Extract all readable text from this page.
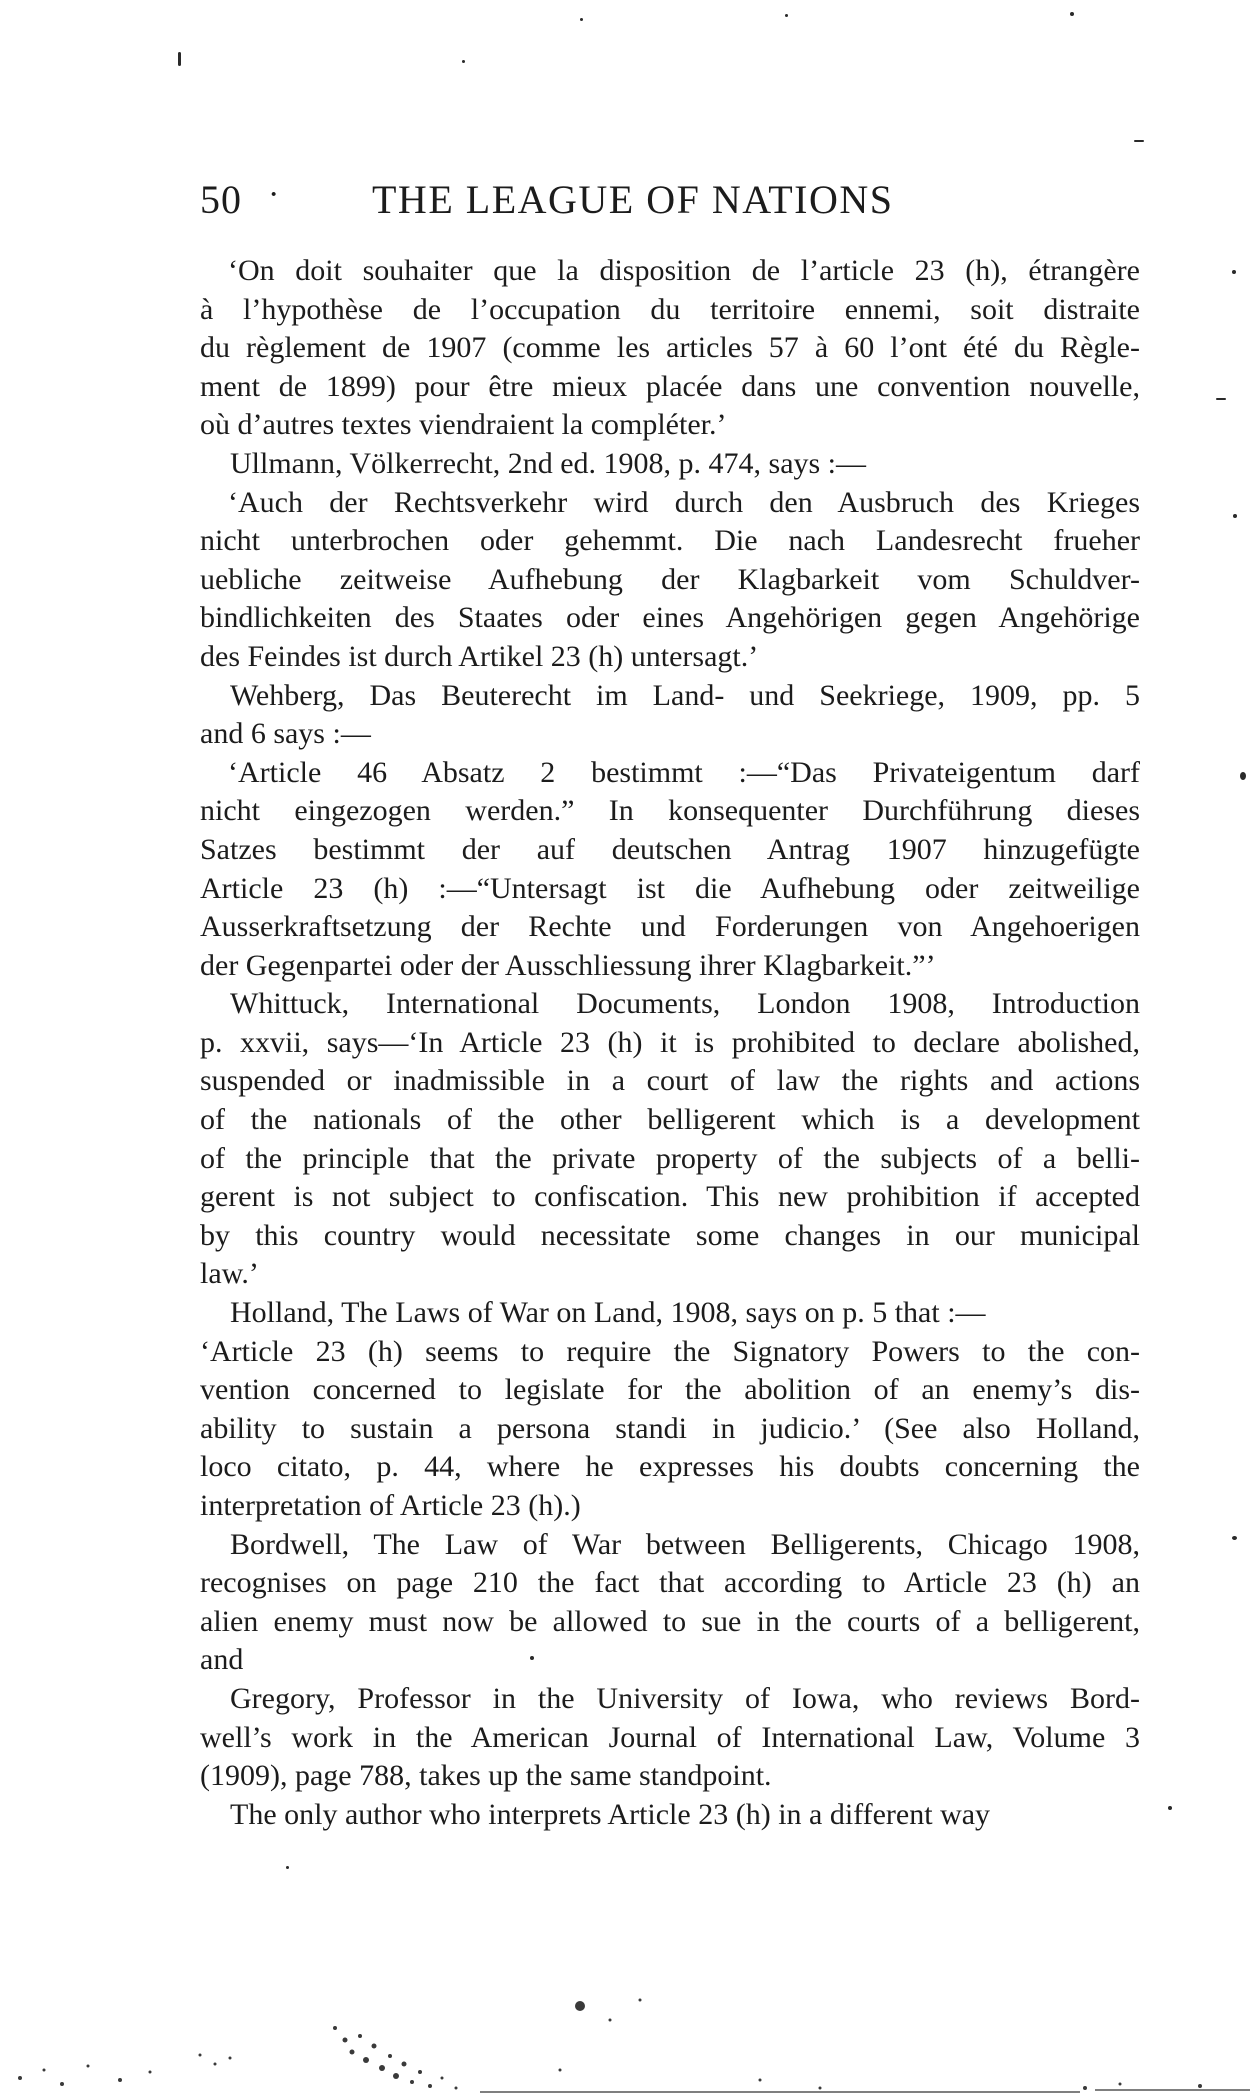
50 · THE LEAGUE OF NATIONS
‘On doit souhaiter que la disposition de l’article 23 (h), étrangère
à l’hypothèse de l’occupation du territoire ennemi, soit distraite
du règlement de 1907 (comme les articles 57 à 60 l’ont été du Règle-
ment de 1899) pour être mieux placée dans une convention nouvelle,
où d’autres textes viendraient la compléter.’
Ullmann, Völkerrecht, 2nd ed. 1908, p. 474, says :—
‘Auch der Rechtsverkehr wird durch den Ausbruch des Krieges
nicht unterbrochen oder gehemmt. Die nach Landesrecht frueher
uebliche zeitweise Aufhebung der Klagbarkeit vom Schuldver-
bindlichkeiten des Staates oder eines Angehörigen gegen Angehörige
des Feindes ist durch Artikel 23 (h) untersagt.’
Wehberg, Das Beuterecht im Land- und Seekriege, 1909, pp. 5
and 6 says :—
‘Article 46 Absatz 2 bestimmt :—“Das Privateigentum darf
nicht eingezogen werden.” In konsequenter Durchführung dieses
Satzes bestimmt der auf deutschen Antrag 1907 hinzugefügte
Article 23 (h) :—“Untersagt ist die Aufhebung oder zeitweilige
Ausserkraftsetzung der Rechte und Forderungen von Angehoerigen
der Gegenpartei oder der Ausschliessung ihrer Klagbarkeit.”’
Whittuck, International Documents, London 1908, Introduction
p. xxvii, says—‘In Article 23 (h) it is prohibited to declare abolished,
suspended or inadmissible in a court of law the rights and actions
of the nationals of the other belligerent which is a development
of the principle that the private property of the subjects of a belli-
gerent is not subject to confiscation. This new prohibition if accepted
by this country would necessitate some changes in our municipal
law.’
Holland, The Laws of War on Land, 1908, says on p. 5 that :—
‘Article 23 (h) seems to require the Signatory Powers to the con-
vention concerned to legislate for the abolition of an enemy’s dis-
ability to sustain a persona standi in judicio.’ (See also Holland,
loco citato, p. 44, where he expresses his doubts concerning the
interpretation of Article 23 (h).)
Bordwell, The Law of War between Belligerents, Chicago 1908,
recognises on page 210 the fact that according to Article 23 (h) an
alien enemy must now be allowed to sue in the courts of a belligerent,
and
Gregory, Professor in the University of Iowa, who reviews Bord-
well’s work in the American Journal of International Law, Volume 3
(1909), page 788, takes up the same standpoint.
The only author who interprets Article 23 (h) in a different way
